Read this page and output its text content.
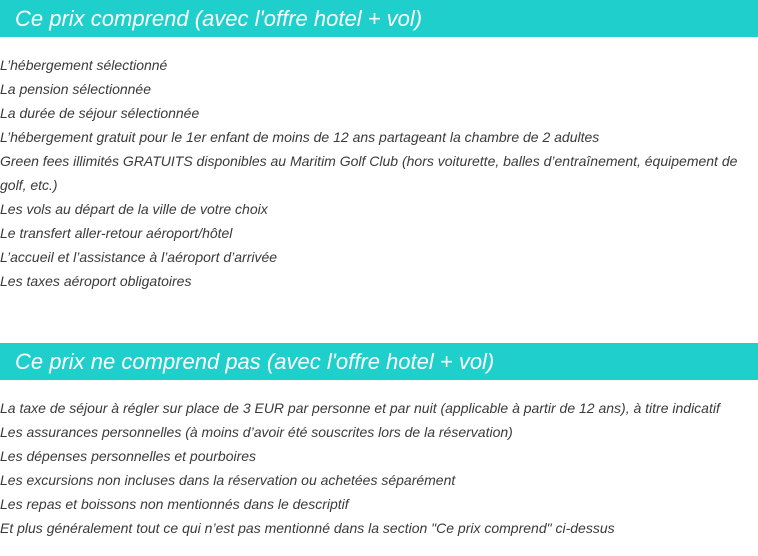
Ce prix comprend (avec l'offre hotel + vol)
L’hébergement sélectionné
La pension sélectionnée
La durée de séjour sélectionnée
L’hébergement gratuit pour le 1er enfant de moins de 12 ans partageant la chambre de 2 adultes
Green fees illimités GRATUITS disponibles au Maritim Golf Club (hors voiturette, balles d’entraînement, équipement de golf, etc.)
Les vols au départ de la ville de votre choix
Le transfert aller-retour aéroport/hôtel
L’accueil et l’assistance à l’aéroport d’arrivée
Les taxes aéroport obligatoires
Ce prix ne comprend pas (avec l'offre hotel + vol)
La taxe de séjour à régler sur place de 3 EUR par personne et par nuit (applicable à partir de 12 ans), à titre indicatif
Les assurances personnelles (à moins d’avoir été souscrites lors de la réservation)
Les dépenses personnelles et pourboires
Les excursions non incluses dans la réservation ou achetées séparément
Les repas et boissons non mentionnés dans le descriptif
Et plus généralement tout ce qui n’est pas mentionné dans la section "Ce prix comprend" ci-dessus
